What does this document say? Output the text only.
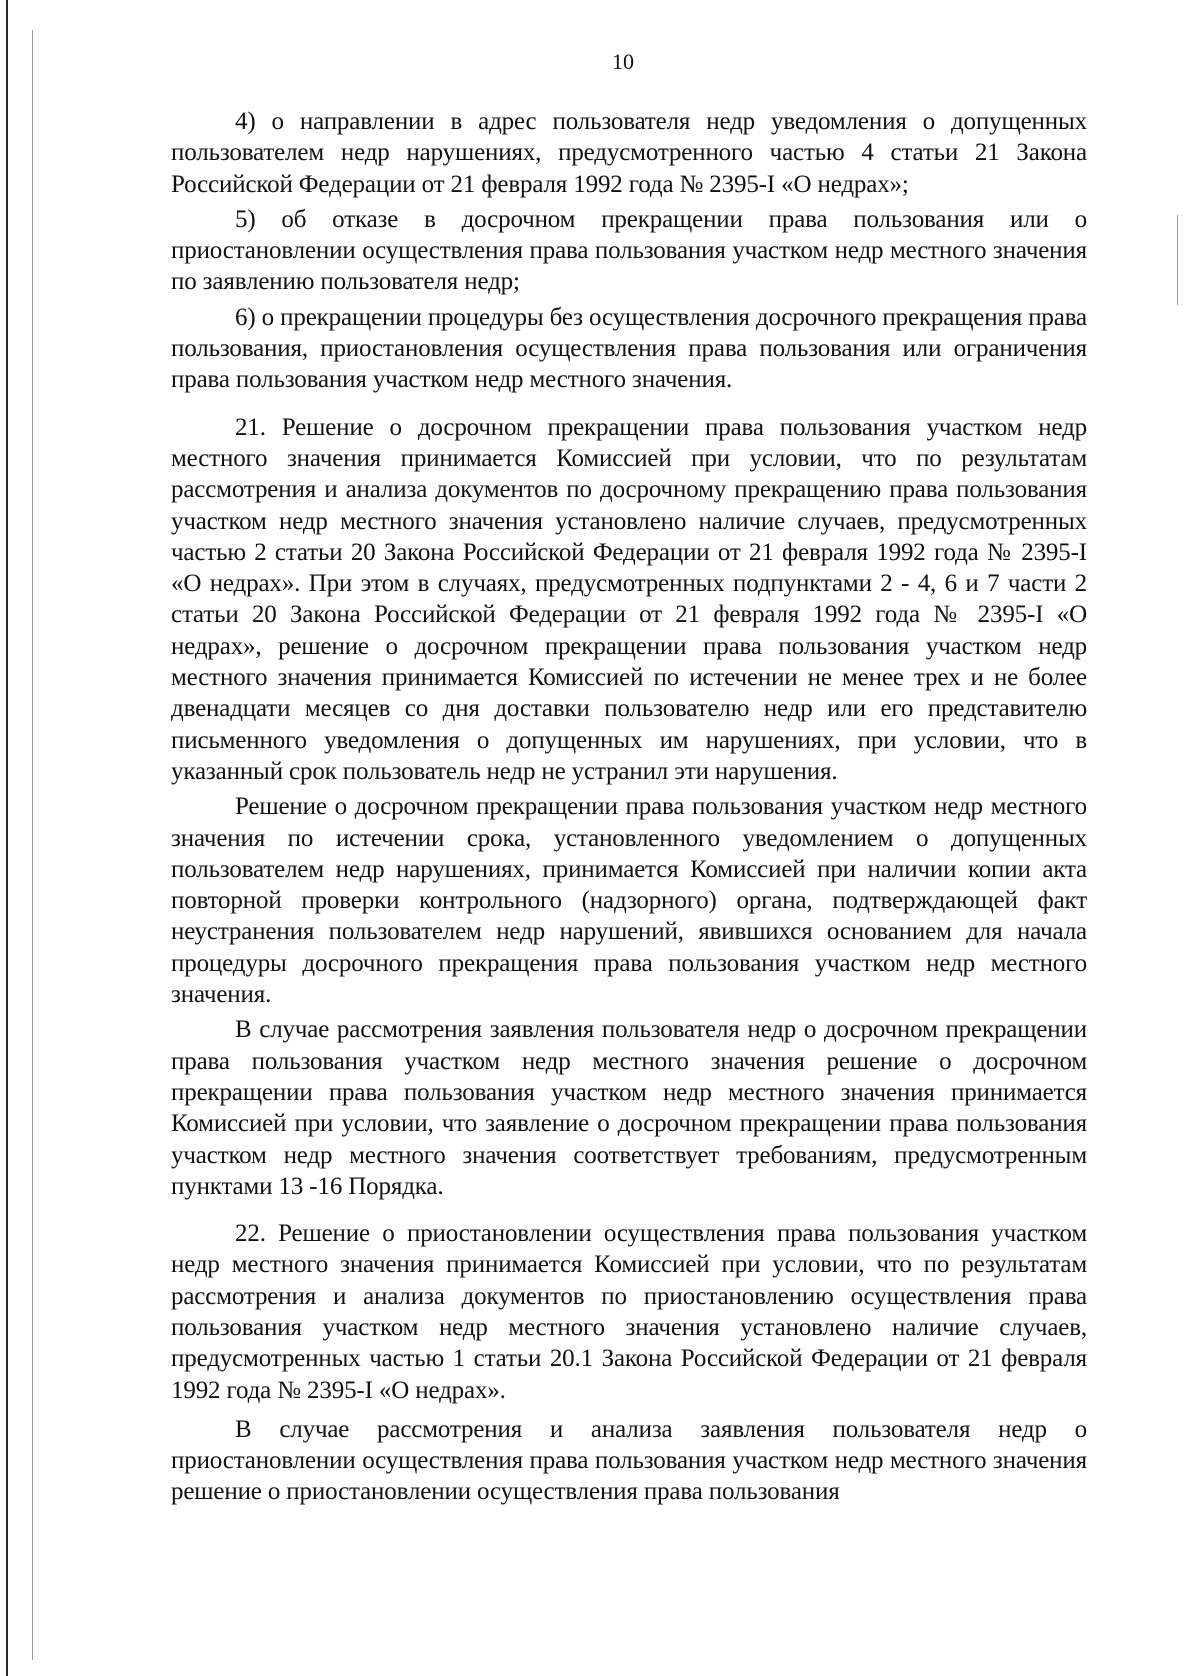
10

4) о направлении в адрес пользователя недр уведомления о допущенных пользователем недр нарушениях, предусмотренного частью 4 статьи 21 Закона Российской Федерации от 21 февраля 1992 года № 2395-I «О недрах»;

5) об отказе в досрочном прекращении права пользования или о приостановлении осуществления права пользования участком недр местного значения по заявлению пользователя недр;

6) о прекращении процедуры без осуществления досрочного прекращения права пользования, приостановления осуществления права пользования или ограничения права пользования участком недр местного значения.

21. Решение о досрочном прекращении права пользования участком недр местного значения принимается Комиссией при условии, что по результатам рассмотрения и анализа документов по досрочному прекращению права пользования участком недр местного значения установлено наличие случаев, предусмотренных частью 2 статьи 20 Закона Российской Федерации от 21 февраля 1992 года № 2395-I «О недрах». При этом в случаях, предусмотренных подпунктами 2 - 4, 6 и 7 части 2 статьи 20 Закона Российской Федерации от 21 февраля 1992 года № 2395-I «О недрах», решение о досрочном прекращении права пользования участком недр местного значения принимается Комиссией по истечении не менее трех и не более двенадцати месяцев со дня доставки пользователю недр или его представителю письменного уведомления о допущенных им нарушениях, при условии, что в указанный срок пользователь недр не устранил эти нарушения.

Решение о досрочном прекращении права пользования участком недр местного значения по истечении срока, установленного уведомлением о допущенных пользователем недр нарушениях, принимается Комиссией при наличии копии акта повторной проверки контрольного (надзорного) органа, подтверждающей факт неустранения пользователем недр нарушений, явившихся основанием для начала процедуры досрочного прекращения права пользования участком недр местного значения.

В случае рассмотрения заявления пользователя недр о досрочном прекращении права пользования участком недр местного значения решение о досрочном прекращении права пользования участком недр местного значения принимается Комиссией при условии, что заявление о досрочном прекращении права пользования участком недр местного значения соответствует требованиям, предусмотренным пунктами 13 -16 Порядка.

22. Решение о приостановлении осуществления права пользования участком недр местного значения принимается Комиссией при условии, что по результатам рассмотрения и анализа документов по приостановлению осуществления права пользования участком недр местного значения установлено наличие случаев, предусмотренных частью 1 статьи 20.1 Закона Российской Федерации от 21 февраля 1992 года № 2395-I «О недрах».

В случае рассмотрения и анализа заявления пользователя недр о приостановлении осуществления права пользования участком недр местного значения решение о приостановлении осуществления права пользования
